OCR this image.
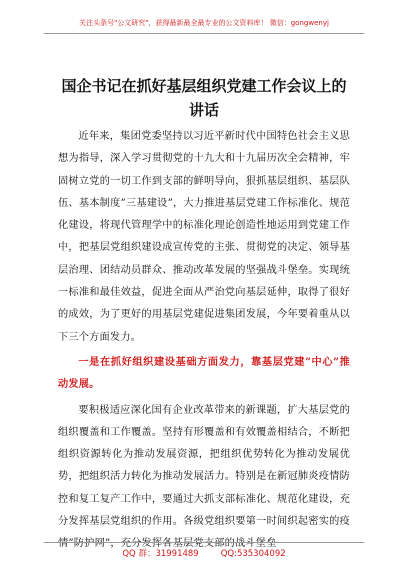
关注头条号"公文研究"，获得最新最全最专业的公文资料库！ 微信：gongwenyj
国企书记在抓好基层组织党建工作会议上的讲话

近年来，集团党委坚持以习近平新时代中国特色社会主义思想为指导，深入学习贯彻党的十九大和十九届历次全会精神，牢固树立党的一切工作到支部的鲜明导向，狠抓基层组织、基层队伍、基本制度”三基建设”，大力推进基层党建工作标准化、规范化建设，将现代管理学中的标准化理论创造性地运用到党建工作中，把基层党组织建设成宣传党的主张、贯彻党的决定、领导基层治理、团结动员群众、推动改革发展的坚强战斗堡垒。实现统一标准和最佳效益，促进全面从严治党向基层延伸，取得了很好的成效，为了更好的用基层党建促进集团发展，今年要着重从以下三个方面发力。

一是在抓好组织建设基础方面发力，靠基层党建”中心”推动发展。

要积极适应深化国有企业改革带来的新课题，扩大基层党的组织覆盖和工作覆盖。坚持有形覆盖和有效覆盖相结合，不断把组织资源转化为推动发展资源，把组织优势转化为推动发展优势，把组织活力转化为推动发展活力。特别是在新冠肺炎疫情防控和复工复产工作中，要通过大抓支部标准化、规范化建设，充分发挥基层党组织的作用。各级党组织要第一时间织起密实的疫情”防护网”，充分发挥各基层党支部的战斗堡垒

QQ 群：31991489	QQ:535304092
